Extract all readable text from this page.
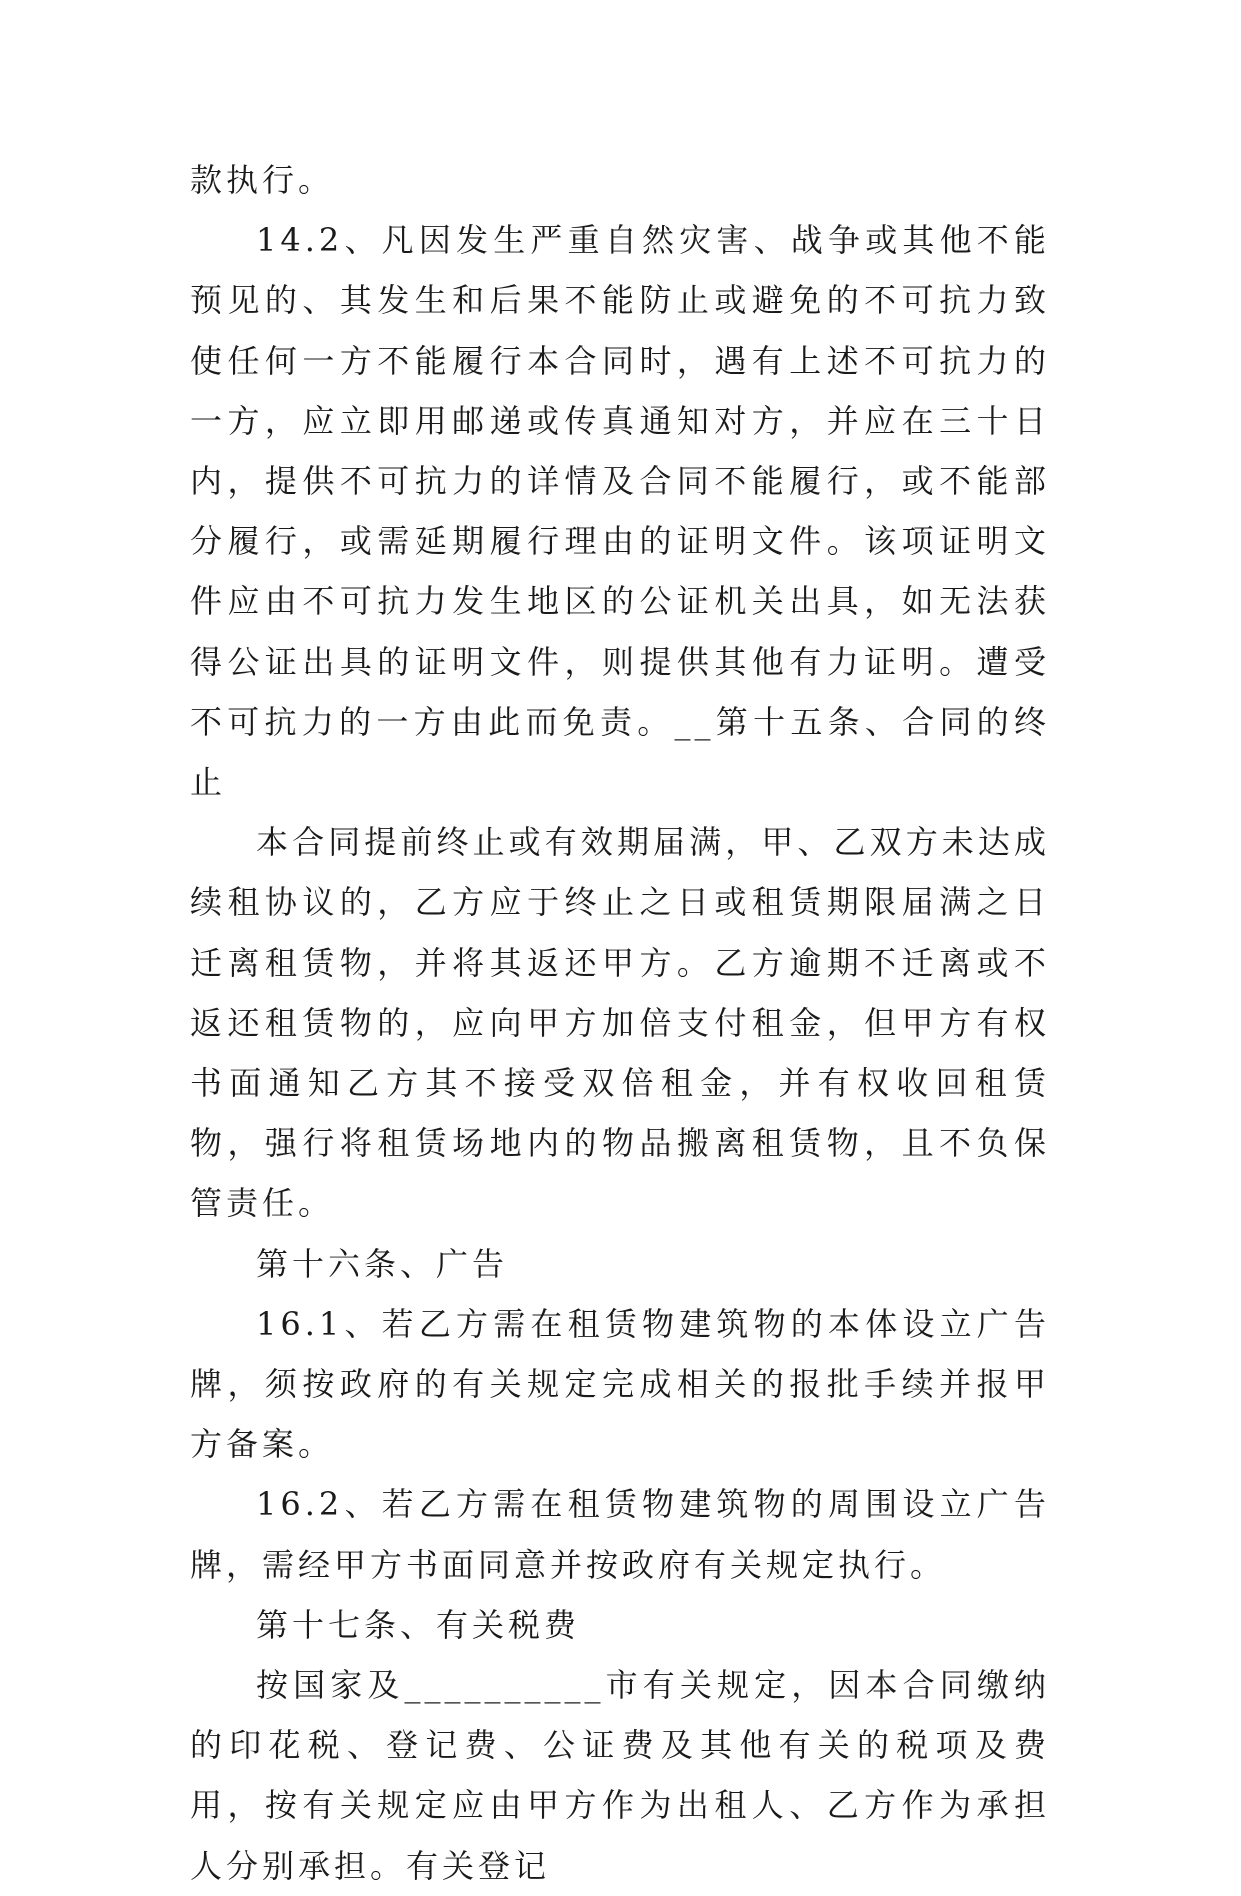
款执行。

14.2、凡因发生严重自然灾害、战争或其他不能预见的、其发生和后果不能防止或避免的不可抗力致使任何一方不能履行本合同时，遇有上述不可抗力的一方，应立即用邮递或传真通知对方，并应在三十日内，提供不可抗力的详情及合同不能履行，或不能部分履行，或需延期履行理由的证明文件。该项证明文件应由不可抗力发生地区的公证机关出具，如无法获得公证出具的证明文件，则提供其他有力证明。遭受不可抗力的一方由此而免责。__第十五条、合同的终止

本合同提前终止或有效期届满，甲、乙双方未达成续租协议的，乙方应于终止之日或租赁期限届满之日迁离租赁物，并将其返还甲方。乙方逾期不迁离或不返还租赁物的，应向甲方加倍支付租金，但甲方有权书面通知乙方其不接受双倍租金，并有权收回租赁物，强行将租赁场地内的物品搬离租赁物，且不负保管责任。

第十六条、广告

16.1、若乙方需在租赁物建筑物的本体设立广告牌，须按政府的有关规定完成相关的报批手续并报甲方备案。

16.2、若乙方需在租赁物建筑物的周围设立广告牌，需经甲方书面同意并按政府有关规定执行。

第十七条、有关税费

按国家及__________市有关规定，因本合同缴纳的印花税、登记费、公证费及其他有关的税项及费用，按有关规定应由甲方作为出租人、乙方作为承担人分别承担。有关登记
